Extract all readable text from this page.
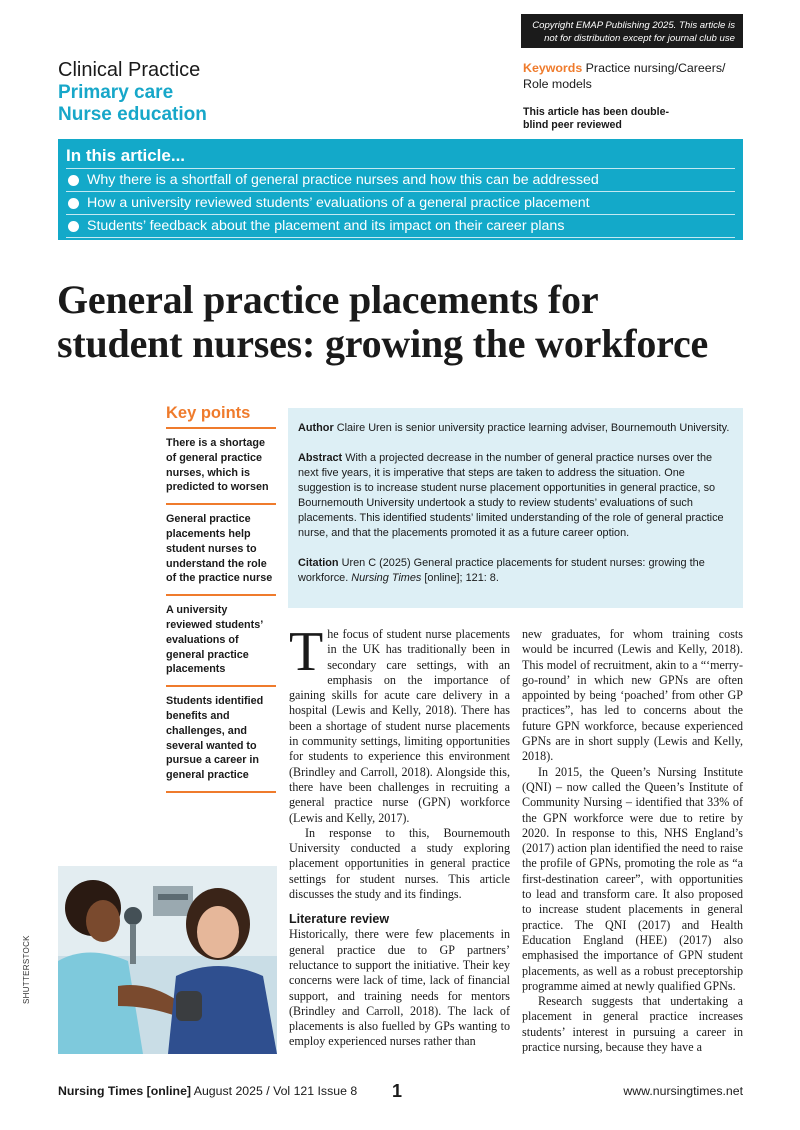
Copyright EMAP Publishing 2025. This article is not for distribution except for journal club use
Clinical Practice
Primary care
Nurse education
Keywords Practice nursing/Careers/ Role models
This article has been double-blind peer reviewed
In this article...
Why there is a shortfall of general practice nurses and how this can be addressed
How a university reviewed students’ evaluations of a general practice placement
Students’ feedback about the placement and its impact on their career plans
General practice placements for
student nurses: growing the workforce
Key points
There is a shortage of general practice nurses, which is predicted to worsen
General practice placements help student nurses to understand the role of the practice nurse
A university reviewed students’ evaluations of general practice placements
Students identified benefits and challenges, and several wanted to pursue a career in general practice

Author Claire Uren is senior university practice learning adviser, Bournemouth University.

Abstract With a projected decrease in the number of general practice nurses over the next five years, it is imperative that steps are taken to address the situation. One suggestion is to increase student nurse placement opportunities in general practice, so Bournemouth University undertook a study to review students’ evaluations of such placements. This identified students’ limited understanding of the role of general practice nurse, and that the placements promoted it as a future career option.

Citation Uren C (2025) General practice placements for student nurses: growing the workforce. Nursing Times [online]; 121: 8.

The focus of student nurse placements in the UK has traditionally been in secondary care settings, with an emphasis on the importance of gaining skills for acute care delivery in a hospital (Lewis and Kelly, 2018). There has been a shortage of student nurse placements in community settings, limiting opportunities for students to experience this environment (Brindley and Carroll, 2018). Alongside this, there have been challenges in recruiting a general practice nurse (GPN) workforce (Lewis and Kelly, 2017).

In response to this, Bournemouth University conducted a study exploring placement opportunities in general practice settings for student nurses. This article discusses the study and its findings.

Literature review

Historically, there were few placements in general practice due to GP partners’ reluctance to support the initiative. Their key concerns were lack of time, lack of financial support, and training needs for mentors (Brindley and Carroll, 2018). The lack of placements is also fuelled by GPs wanting to employ experienced nurses rather than

new graduates, for whom training costs would be incurred (Lewis and Kelly, 2018). This model of recruitment, akin to a “‘merry-go-round’ in which new GPNs are often appointed by being ‘poached’ from other GP practices”, has led to concerns about the future GPN workforce, because experienced GPNs are in short supply (Lewis and Kelly, 2018).

In 2015, the Queen’s Nursing Institute (QNI) – now called the Queen’s Institute of Community Nursing – identified that 33% of the GPN workforce were due to retire by 2020. In response to this, NHS England’s (2017) action plan identified the need to raise the profile of GPNs, promoting the role as “a first-destination career”, with opportunities to lead and transform care. It also proposed to increase student placements in general practice. The QNI (2017) and Health Education England (HEE) (2017) also emphasised the importance of GPN student placements, as well as a robust preceptorship programme aimed at newly qualified GPNs.

Research suggests that undertaking a placement in general practice increases students’ interest in pursuing a career in practice nursing, because they have a

SHUTTERSTOCK
Nursing Times [online] August 2025 / Vol 121 Issue 8 1	www.nursingtimes.net
